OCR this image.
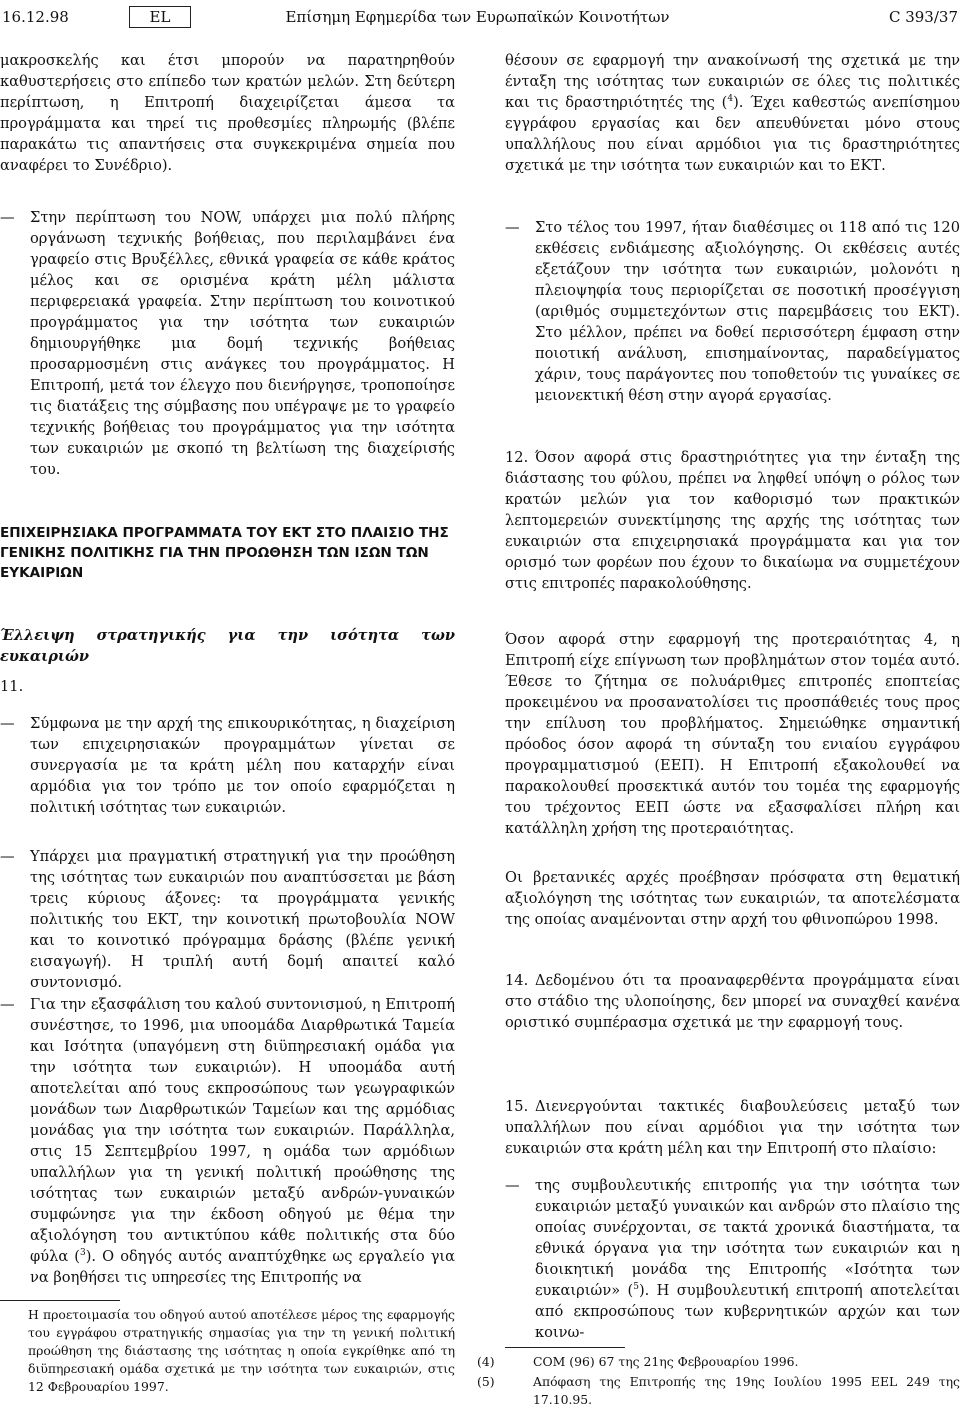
16.12.98	EL	Επίσημη Εφημερίδα των Ευρωπαϊκών Κοινοτήτων	C 393/37

μακροσκελής και έτσι μπορούν να παρατηρηθούν καθυστερήσεις στο επίπεδο των κρατών μελών. Στη δεύτερη περίπτωση, η Επιτροπή διαχειρίζεται άμεσα τα προγράμματα και τηρεί τις προθεσμίες πληρωμής (βλέπε παρακάτω τις απαντήσεις στα συγκεκριμένα σημεία που αναφέρει το Συνέδριο).

— Στην περίπτωση του NOW, υπάρχει μια πολύ πλήρης οργάνωση τεχνικής βοήθειας, που περιλαμβάνει ένα γραφείο στις Βρυξέλλες, εθνικά γραφεία σε κάθε κράτος μέλος και σε ορισμένα κράτη μέλη μάλιστα περιφερειακά γραφεία. Στην περίπτωση του κοινοτικού προγράμματος για την ισότητα των ευκαιριών δημιουργήθηκε μια δομή τεχνικής βοήθειας προσαρμοσμένη στις ανάγκες του προγράμματος. Η Επιτροπή, μετά τον έλεγχο που διενήργησε, τροποποίησε τις διατάξεις της σύμβασης που υπέγραψε με το γραφείο τεχνικής βοήθειας του προγράμματος για την ισότητα των ευκαιριών με σκοπό τη βελτίωση της διαχείρισής του.

ΕΠΙΧΕΙΡΗΣΙΑΚΑ ΠΡΟΓΡΑΜΜΑΤΑ ΤΟΥ ΕΚΤ ΣΤΟ ΠΛΑΙΣΙΟ ΤΗΣ ΓΕΝΙΚΗΣ ΠΟΛΙΤΙΚΗΣ ΓΙΑ ΤΗΝ ΠΡΟΩΘΗΣΗ ΤΩΝ ΙΣΩΝ ΤΩΝ ΕΥΚΑΙΡΙΩΝ
Έλλειψη στρατηγικής για την ισότητα των ευκαιριών
11.

— Σύμφωνα με την αρχή της επικουρικότητας, η διαχείριση των επιχειρησιακών προγραμμάτων γίνεται σε συνεργασία με τα κράτη μέλη που καταρχήν είναι αρμόδια για τον τρόπο με τον οποίο εφαρμόζεται η πολιτική ισότητας των ευκαιριών.

— Υπάρχει μια πραγματική στρατηγική για την προώθηση της ισότητας των ευκαιριών που αναπτύσσεται με βάση τρεις κύριους άξονες: τα προγράμματα γενικής πολιτικής του ΕΚΤ, την κοινοτική πρωτοβουλία NOW και το κοινοτικό πρόγραμμα δράσης (βλέπε γενική εισαγωγή). Η τριπλή αυτή δομή απαιτεί καλό συντονισμό.

— Για την εξασφάλιση του καλού συντονισμού, η Επιτροπή συνέστησε, το 1996, μια υποομάδα Διαρθρωτικά Ταμεία και Ισότητα (υπαγόμενη στη διϋπηρεσιακή ομάδα για την ισότητα των ευκαιριών). Η υποομάδα αυτή αποτελείται από τους εκπροσώπους των γεωγραφικών μονάδων των Διαρθρωτικών Ταμείων και της αρμόδιας μονάδας για την ισότητα των ευκαιριών. Παράλληλα, στις 15 Σεπτεμβρίου 1997, η ομάδα των αρμόδιων υπαλλήλων για τη γενική πολιτική προώθησης της ισότητας των ευκαιριών μεταξύ ανδρών-γυναικών συμφώνησε για την έκδοση οδηγού με θέμα την αξιολόγηση του αντικτύπου κάθε πολιτικής στα δύο φύλα ($^3$). Ο οδηγός αυτός αναπτύχθηκε ως εργαλείο για να βοηθήσει τις υπηρεσίες της Επιτροπής να

Η προετοιμασία του οδηγού αυτού αποτέλεσε μέρος της εφαρμογής του εγγράφου στρατηγικής σημασίας για την τη γενική πολιτική προώθηση της διάστασης της ισότητας η οποία εγκρίθηκε από τη διϋπηρεσιακή ομάδα σχετικά με την ισότητα των ευκαιριών, στις 12 Φεβρουαρίου 1997.

θέσουν σε εφαρμογή την ανακοίνωσή της σχετικά με την ένταξη της ισότητας των ευκαιριών σε όλες τις πολιτικές και τις δραστηριότητές της ($^4$). Έχει καθεστώς ανεπίσημου εγγράφου εργασίας και δεν απευθύνεται μόνο στους υπαλλήλους που είναι αρμόδιοι για τις δραστηριότητες σχετικά με την ισότητα των ευκαιριών και το ΕΚΤ.

— Στο τέλος του 1997, ήταν διαθέσιμες οι 118 από τις 120 εκθέσεις ενδιάμεσης αξιολόγησης. Οι εκθέσεις αυτές εξετάζουν την ισότητα των ευκαιριών, μολονότι η πλειοψηφία τους περιορίζεται σε ποσοτική προσέγγιση (αριθμός συμμετεχόντων στις παρεμβάσεις του ΕΚΤ). Στο μέλλον, πρέπει να δοθεί περισσότερη έμφαση στην ποιοτική ανάλυση, επισημαίνοντας, παραδείγματος χάριν, τους παράγοντες που τοποθετούν τις γυναίκες σε μειονεκτική θέση στην αγορά εργασίας.

12. Όσον αφορά στις δραστηριότητες για την ένταξη της διάστασης του φύλου, πρέπει να ληφθεί υπόψη ο ρόλος των κρατών μελών για τον καθορισμό των πρακτικών λεπτομερειών συνεκτίμησης της αρχής της ισότητας των ευκαιριών στα επιχειρησιακά προγράμματα και για τον ορισμό των φορέων που έχουν το δικαίωμα να συμμετέχουν στις επιτροπές παρακολούθησης.

Όσον αφορά στην εφαρμογή της προτεραιότητας 4, η Επιτροπή είχε επίγνωση των προβλημάτων στον τομέα αυτό. Έθεσε το ζήτημα σε πολυάριθμες επιτροπές εποπτείας προκειμένου να προσανατολίσει τις προσπάθειές τους προς την επίλυση του προβλήματος. Σημειώθηκε σημαντική πρόοδος όσον αφορά τη σύνταξη του ενιαίου εγγράφου προγραμματισμού (ΕΕΠ). Η Επιτροπή εξακολουθεί να παρακολουθεί προσεκτικά αυτόν του τομέα της εφαρμογής του τρέχοντος ΕΕΠ ώστε να εξασφαλίσει πλήρη και κατάλληλη χρήση της προτεραιότητας.
Οι βρετανικές αρχές προέβησαν πρόσφατα στη θεματική αξιολόγηση της ισότητας των ευκαιριών, τα αποτελέσματα της οποίας αναμένονται στην αρχή του φθινοπώρου 1998.

14. Δεδομένου ότι τα προαναφερθέντα προγράμματα είναι στο στάδιο της υλοποίησης, δεν μπορεί να συναχθεί κανένα οριστικό συμπέρασμα σχετικά με την εφαρμογή τους.

15. Διενεργούνται τακτικές διαβουλεύσεις μεταξύ των υπαλλήλων που είναι αρμόδιοι για την ισότητα των ευκαιριών στα κράτη μέλη και την Επιτροπή στο πλαίσιο:

— της συμβουλευτικής επιτροπής για την ισότητα των ευκαιριών μεταξύ γυναικών και ανδρών στο πλαίσιο της οποίας συνέρχονται, σε τακτά χρονικά διαστήματα, τα εθνικά όργανα για την ισότητα των ευκαιριών και η διοικητική μονάδα της Επιτροπής «Ισότητα των ευκαιριών» ($^5$). Η συμβουλευτική επιτροπή αποτελείται από εκπροσώπους των κυβερνητικών αρχών και των κοινω-

(4)	COM (96) 67 της 21ης Φεβρουαρίου 1996.

(5)	Απόφαση της Επιτροπής της 19ης Ιουλίου 1995 ΕΕL 249 της 17.10.95.
